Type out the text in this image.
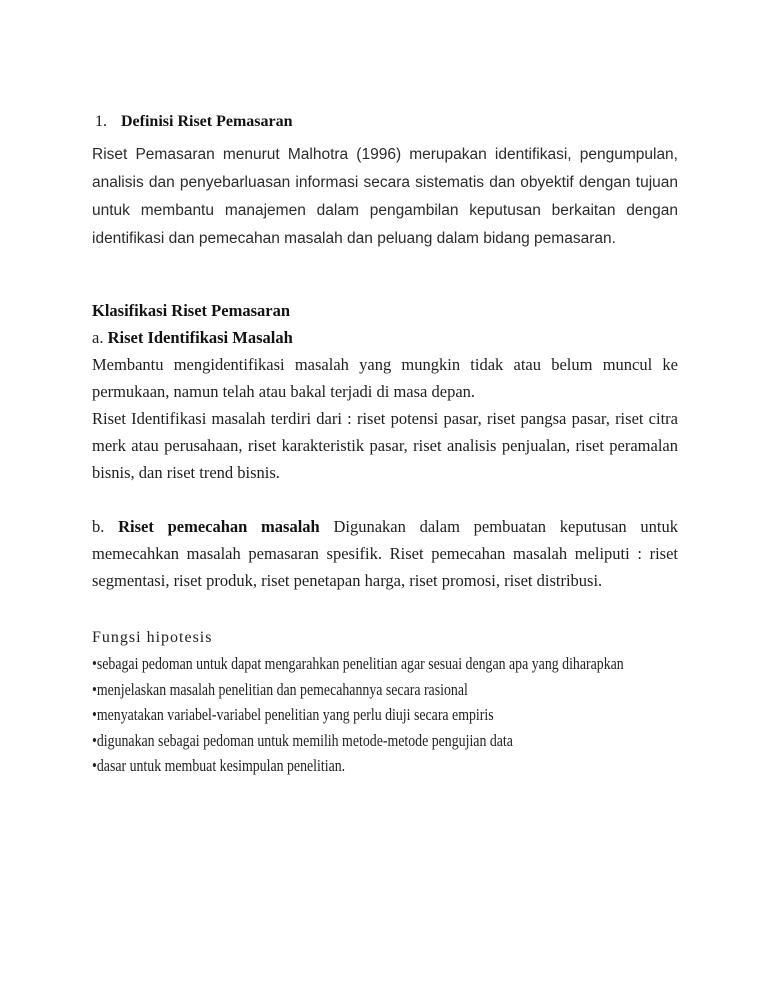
1. Definisi Riset Pemasaran

Riset Pemasaran menurut Malhotra (1996) merupakan identifikasi, pengumpulan, analisis dan penyebarluasan informasi secara sistematis dan obyektif dengan tujuan untuk membantu manajemen dalam pengambilan keputusan berkaitan dengan identifikasi dan pemecahan masalah dan peluang dalam bidang pemasaran.

Klasifikasi Riset Pemasaran
a. Riset Identifikasi Masalah

Membantu mengidentifikasi masalah yang mungkin tidak atau belum muncul ke permukaan, namun telah atau bakal terjadi di masa depan.

Riset Identifikasi masalah terdiri dari : riset potensi pasar, riset pangsa pasar, riset citra merk atau perusahaan, riset karakteristik pasar, riset analisis penjualan, riset peramalan bisnis, dan riset trend bisnis.

b. Riset pemecahan masalah Digunakan dalam pembuatan keputusan untuk memecahkan masalah pemasaran spesifik. Riset pemecahan masalah meliputi : riset segmentasi, riset produk, riset penetapan harga, riset promosi, riset distribusi.

Fungsi hipotesis
•sebagai pedoman untuk dapat mengarahkan penelitian agar sesuai dengan apa yang diharapkan
•menjelaskan masalah penelitian dan pemecahannya secara rasional
•menyatakan variabel-variabel penelitian yang perlu diuji secara empiris
•digunakan sebagai pedoman untuk memilih metode-metode pengujian data
•dasar untuk membuat kesimpulan penelitian.
